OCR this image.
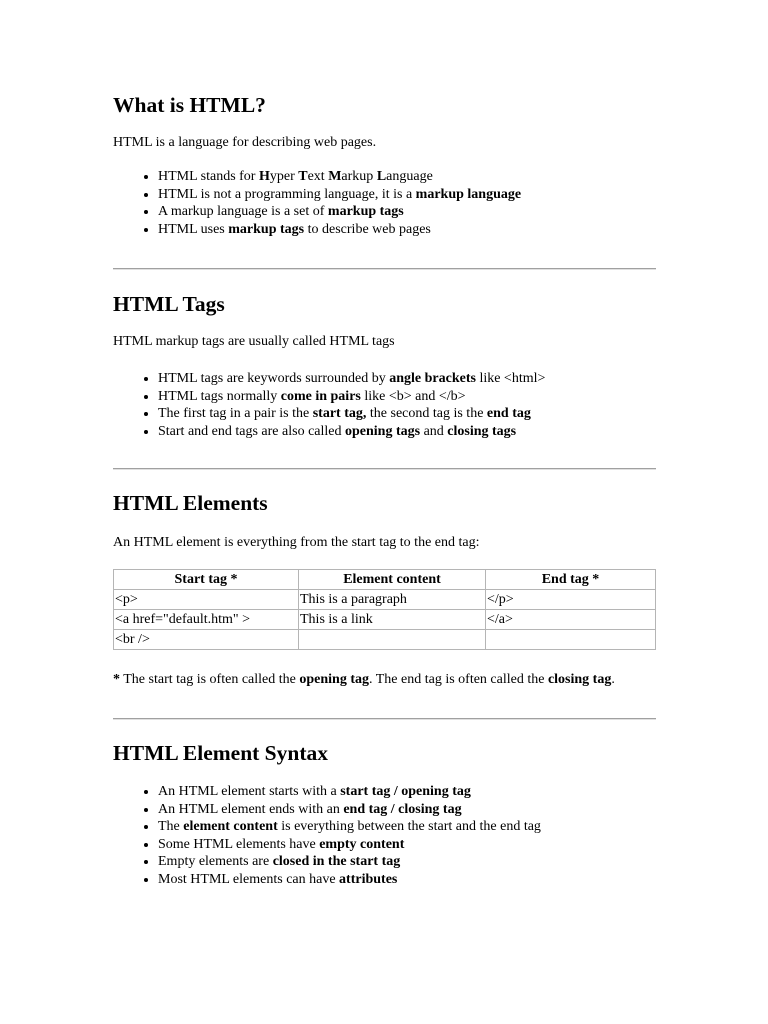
What is HTML?

HTML is a language for describing web pages.

• HTML stands for Hyper Text Markup Language
• HTML is not a programming language, it is a markup language
• A markup language is a set of markup tags
• HTML uses markup tags to describe web pages
HTML Tags

HTML markup tags are usually called HTML tags

• HTML tags are keywords surrounded by angle brackets like <html>
• HTML tags normally come in pairs like <b> and </b>
• The first tag in a pair is the start tag, the second tag is the end tag
• Start and end tags are also called opening tags and closing tags
HTML Elements

An HTML element is everything from the start tag to the end tag:

Start tag *	Element content	End tag *
<p>	This is a paragraph	</p>
<a href="default.htm" >	This is a link	</a>
<br />		

* The start tag is often called the opening tag. The end tag is often called the closing tag.

HTML Element Syntax
• An HTML element starts with a start tag / opening tag
• An HTML element ends with an end tag / closing tag
• The element content is everything between the start and the end tag
• Some HTML elements have empty content
• Empty elements are closed in the start tag
• Most HTML elements can have attributes
